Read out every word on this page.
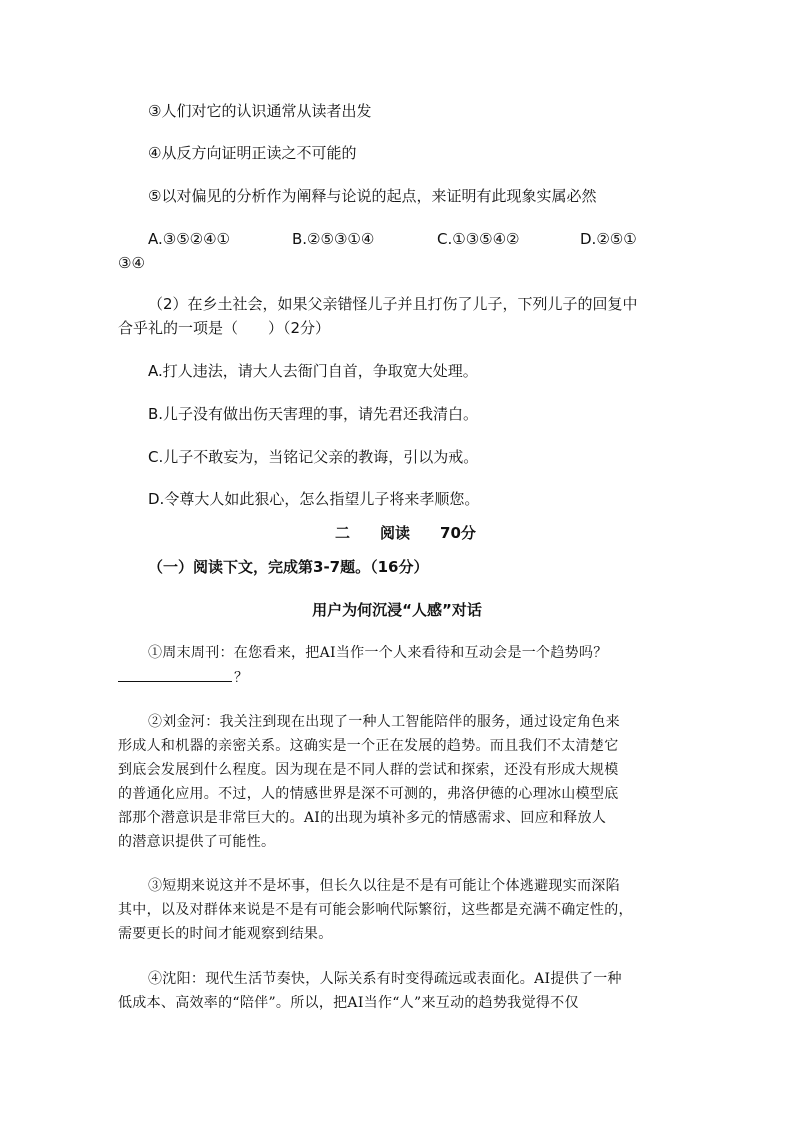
③人们对它的认识通常从读者出发
④从反方向证明正读之不可能的
⑤以对偏见的分析作为阐释与论说的起点，来证明有此现象实属必然
A.③⑤②④①	B.②⑤③①④	C.①③⑤④②	D.②⑤①
③④
（2）在乡土社会，如果父亲错怪儿子并且打伤了儿子，下列儿子的回复中
合乎礼的一项是（　　）（2分）
A.打人违法，请大人去衙门自首，争取宽大处理。
B.儿子没有做出伤天害理的事，请先君还我清白。
C.儿子不敢妄为，当铭记父亲的教诲，引以为戒。
D.令尊大人如此狠心，怎么指望儿子将来孝顺您。
二　　阅读　　70分
（一）阅读下文，完成第3-7题。（16分）
用户为何沉浸“人感”对话
①周末周刊：在您看来，把AI当作一个人来看待和互动会是一个趋势吗？
？
②刘金河：我关注到现在出现了一种人工智能陪伴的服务，通过设定角色来
形成人和机器的亲密关系。这确实是一个正在发展的趋势。而且我们不太清楚它
到底会发展到什么程度。因为现在是不同人群的尝试和探索，还没有形成大规模
的普通化应用。不过，人的情感世界是深不可测的，弗洛伊德的心理冰山模型底
部那个潜意识是非常巨大的。AI的出现为填补多元的情感需求、回应和释放人
的潜意识提供了可能性。
③短期来说这并不是坏事，但长久以往是不是有可能让个体逃避现实而深陷
其中，以及对群体来说是不是有可能会影响代际繁衍，这些都是充满不确定性的，
需要更长的时间才能观察到结果。
④沈阳：现代生活节奏快，人际关系有时变得疏远或表面化。AI提供了一种
低成本、高效率的“陪伴”。所以，把AI当作“人”来互动的趋势我觉得不仅
